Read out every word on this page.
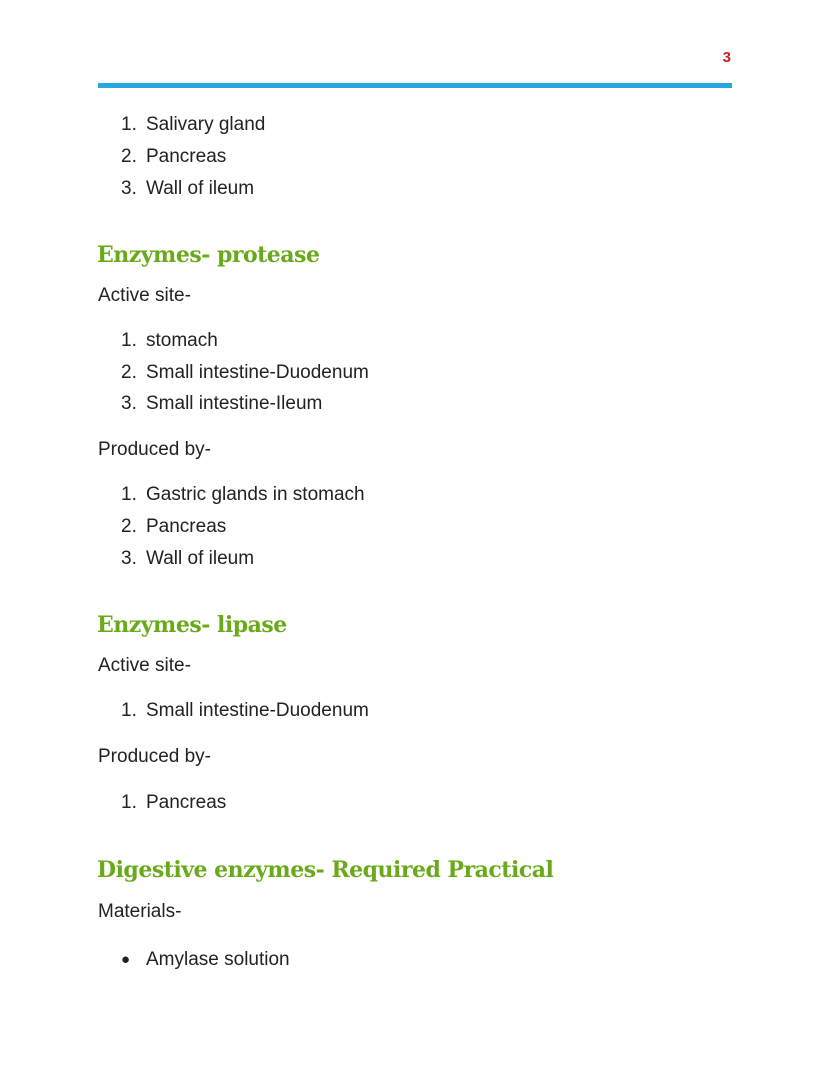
3
1. Salivary gland
2. Pancreas
3. Wall of ileum
Enzymes- protease
Active site-
1. stomach
2. Small intestine-Duodenum
3. Small intestine-Ileum
Produced by-
1. Gastric glands in stomach
2. Pancreas
3. Wall of ileum
Enzymes- lipase
Active site-
1. Small intestine-Duodenum
Produced by-
1. Pancreas
Digestive enzymes- Required Practical
Materials-
● Amylase solution
